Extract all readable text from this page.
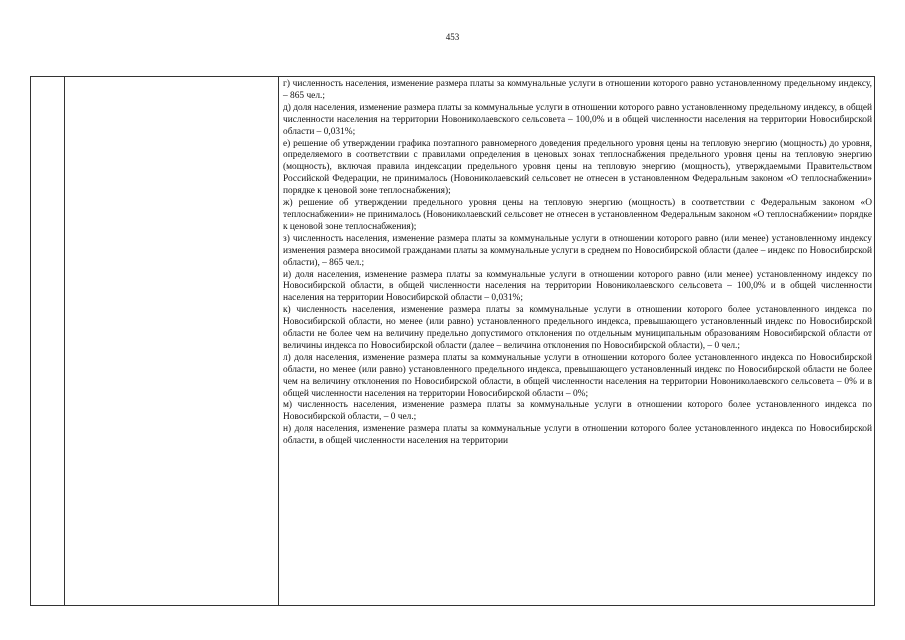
453

г) численность населения, изменение размера платы за коммунальные услуги в отношении которого равно установленному предельному индексу, – 865 чел.;

д) доля населения, изменение размера платы за коммунальные услуги в отношении которого равно установленному предельному индексу, в общей численности населения на территории Новониколаевского сельсовета – 100,0% и в общей численности населения на территории Новосибирской области – 0,031%;

е) решение об утверждении графика поэтапного равномерного доведения предельного уровня цены на тепловую энергию (мощность) до уровня, определяемого в соответствии с правилами определения в ценовых зонах теплоснабжения предельного уровня цены на тепловую энергию (мощность), включая правила индексации предельного уровня цены на тепловую энергию (мощность), утверждаемыми Правительством Российской Федерации, не принималось (Новониколаевский сельсовет не отнесен в установленном Федеральным законом «О теплоснабжении» порядке к ценовой зоне теплоснабжения);

ж) решение об утверждении предельного уровня цены на тепловую энергию (мощность) в соответствии с Федеральным законом «О теплоснабжении» не принималось (Новониколаевский сельсовет не отнесен в установленном Федеральным законом «О теплоснабжении» порядке к ценовой зоне теплоснабжения);

з) численность населения, изменение размера платы за коммунальные услуги в отношении которого равно (или менее) установленному индексу изменения размера вносимой гражданами платы за коммунальные услуги в среднем по Новосибирской области (далее – индекс по Новосибирской области), – 865 чел.;

и) доля населения, изменение размера платы за коммунальные услуги в отношении которого равно (или менее) установленному индексу по Новосибирской области, в общей численности населения на территории Новониколаевского сельсовета – 100,0% и в общей численности населения на территории Новосибирской области – 0,031%;

к) численность населения, изменение размера платы за коммунальные услуги в отношении которого более установленного индекса по Новосибирской области, но менее (или равно) установленного предельного индекса, превышающего установленный индекс по Новосибирской области не более чем на величину предельно допустимого отклонения по отдельным муниципальным образованиям Новосибирской области от величины индекса по Новосибирской области (далее – величина отклонения по Новосибирской области), – 0 чел.;

л) доля населения, изменение размера платы за коммунальные услуги в отношении которого более установленного индекса по Новосибирской области, но менее (или равно) установленного предельного индекса, превышающего установленный индекс по Новосибирской области не более чем на величину отклонения по Новосибирской области, в общей численности населения на территории Новониколаевского сельсовета – 0% и в общей численности населения на территории Новосибирской области – 0%;

м) численность населения, изменение размера платы за коммунальные услуги в отношении которого более установленного индекса по Новосибирской области, – 0 чел.;

н) доля населения, изменение размера платы за коммунальные услуги в отношении которого более установленного индекса по Новосибирской области, в общей численности населения на территории
